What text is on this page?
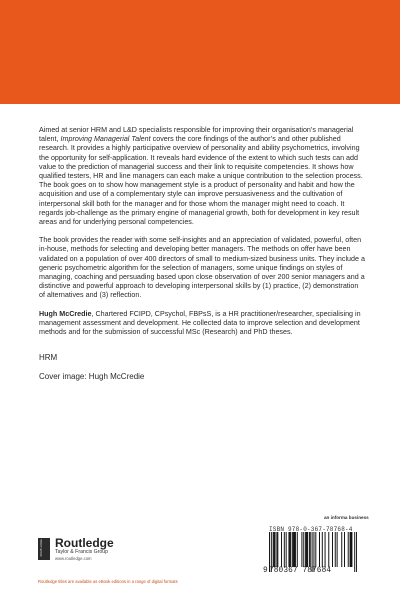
Aimed at senior HRM and L&D specialists responsible for improving their organisation’s managerial talent, Improving Managerial Talent covers the core findings of the author’s and other published research. It provides a highly participative overview of personality and ability psychometrics, involving the opportunity for self-application. It reveals hard evidence of the extent to which such tests can add value to the prediction of managerial success and their link to requisite competencies. It shows how qualified testers, HR and line managers can each make a unique contribution to the selection process. The book goes on to show how management style is a product of personality and habit and how the acquisition and use of a complementary style can improve persuasiveness and the cultivation of interpersonal skill both for the manager and for those whom the manager might need to coach. It regards job-challenge as the primary engine of managerial growth, both for development in key result areas and for underlying personal competencies.

The book provides the reader with some self-insights and an appreciation of validated, powerful, often in-house, methods for selecting and developing better managers. The methods on offer have been validated on a population of over 400 directors of small to medium-sized business units. They include a generic psychometric algorithm for the selection of managers, some unique findings on styles of managing, coaching and persuading based upon close observation of over 200 senior managers and a distinctive and powerful approach to developing interpersonal skills by (1) practice, (2) demonstration of alternatives and (3) reflection.

Hugh McCredie, Chartered FCIPD, CPsychol, FBPsS, is a HR practitioner/researcher, specialising in management assessment and development. He collected data to improve selection and development methods and for the submission of successful MSc (Research) and PhD theses.

HRM
Cover image: Hugh McCredie
an informa business
ROUTLEDGE Routledge
Taylor & Francis Group
www.routledge.com
Routledge titles are available as eBook editions in a range of digital formats
ISBN 978-0-367-78768-4
9780367 787684
